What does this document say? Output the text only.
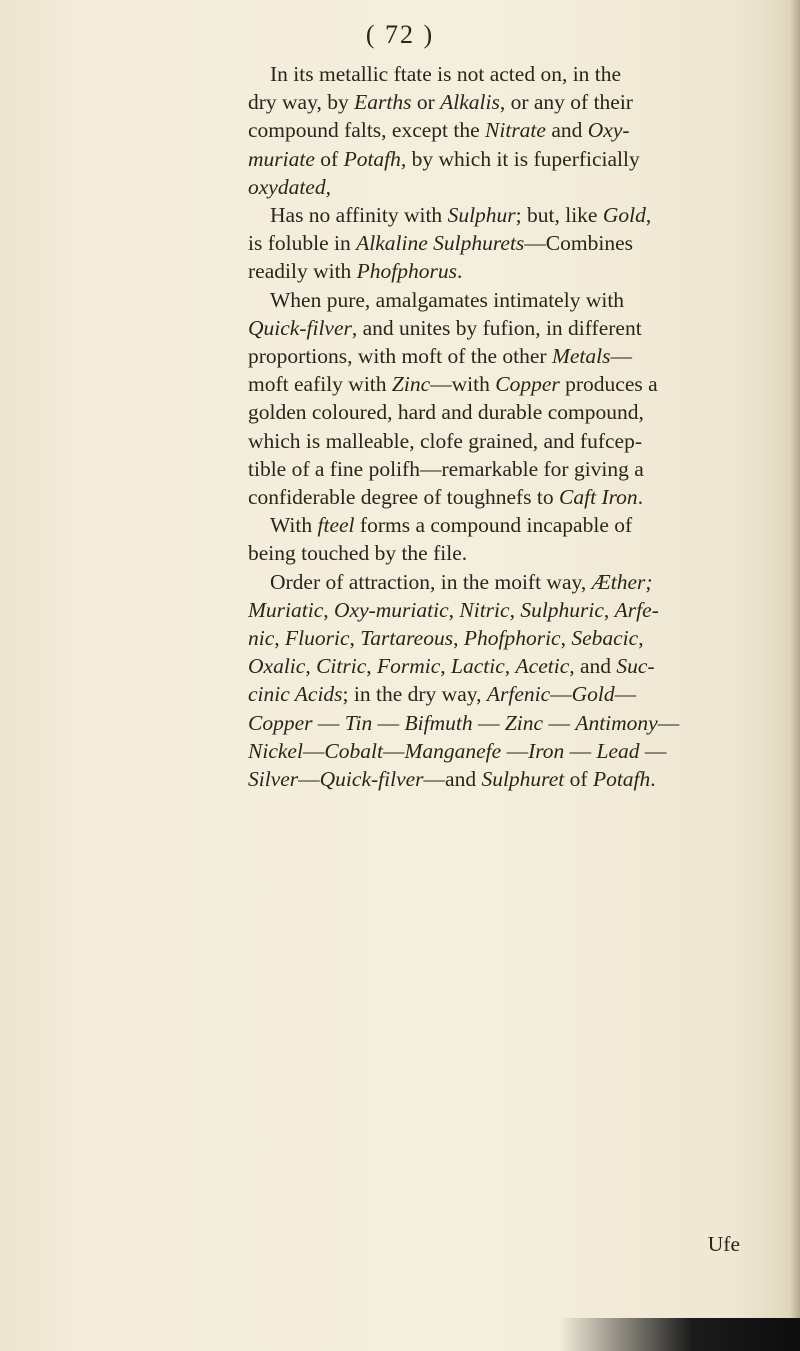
( 72 )
In its metallic ftate is not acted on, in the
dry way, by Earths or Alkalis, or any of their
compound falts, except the Nitrate and Oxy-
muriate of Potafh, by which it is fuperficially
oxydated,
Has no affinity with Sulphur; but, like Gold,
is foluble in Alkaline Sulphurets—Combines
readily with Phofphorus.
When pure, amalgamates intimately with
Quick-filver, and unites by fufion, in different
proportions, with moft of the other Metals—
moft eafily with Zinc—with Copper produces a
golden coloured, hard and durable compound,
which is malleable, clofe grained, and fufcep-
tible of a fine polifh—remarkable for giving a
confiderable degree of toughnefs to Caft Iron.
With fteel forms a compound incapable of
being touched by the file.
Order of attraction, in the moift way, Æther;
Muriatic, Oxy-muriatic, Nitric, Sulphuric, Arfe-
nic, Fluoric, Tartareous, Phofphoric, Sebacic,
Oxalic, Citric, Formic, Lactic, Acetic, and Suc-
cinic Acids; in the dry way, Arfenic—Gold—
Copper — Tin — Bifmuth — Zinc — Antimony—
Nickel—Cobalt—Manganefe —Iron — Lead —
Silver—Quick-filver—and Sulphuret of Potafh.
Ufe
